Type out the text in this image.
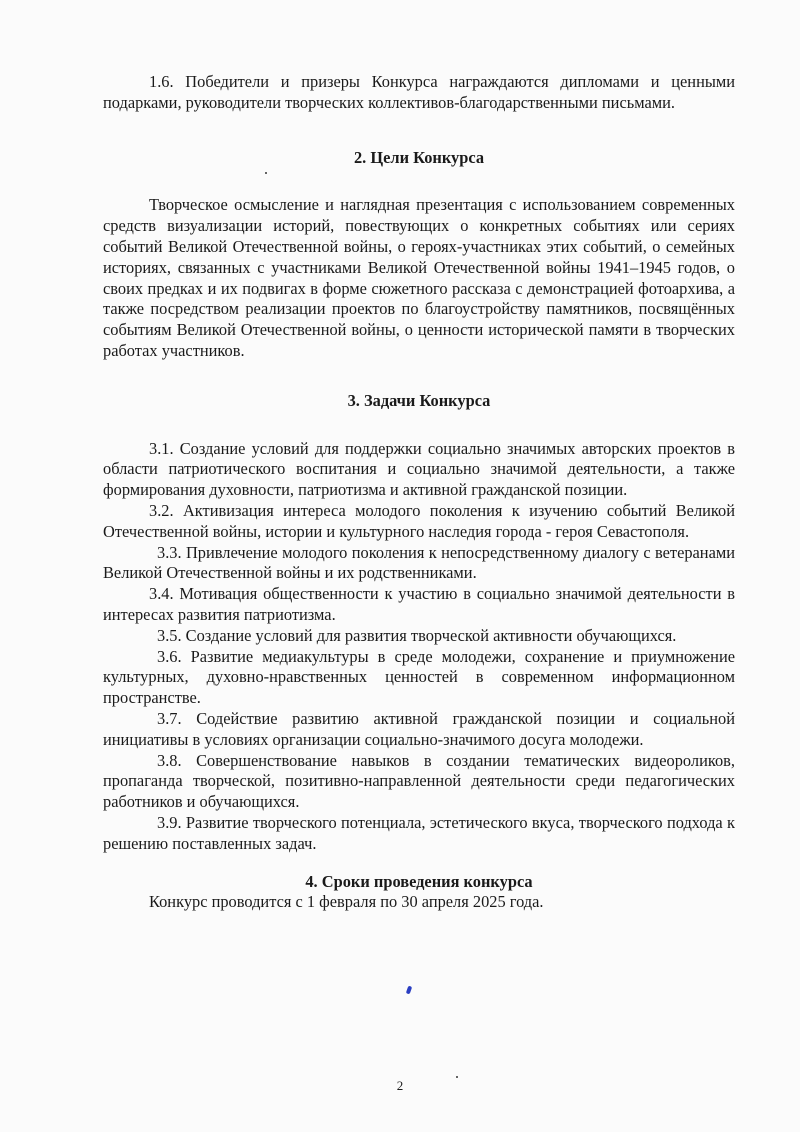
1.6. Победители и призеры Конкурса награждаются дипломами и ценными подарками, руководители творческих коллективов-благодарственными письмами.

2. Цели Конкурса

Творческое осмысление и наглядная презентация с использованием современных средств визуализации историй, повествующих о конкретных событиях или сериях событий Великой Отечественной войны, о героях-участниках этих событий, о семейных историях, связанных с участниками Великой Отечественной войны 1941–1945 годов, о своих предках и их подвигах в форме сюжетного рассказа с демонстрацией фотоархива, а также посредством реализации проектов по благоустройству памятников, посвящённых событиям Великой Отечественной войны, о ценности исторической памяти в творческих работах участников.

3. Задачи Конкурса

3.1. Создание условий для поддержки социально значимых авторских проектов в области патриотического воспитания и социально значимой деятельности, а также формирования духовности, патриотизма и активной гражданской позиции.

3.2. Активизация интереса молодого поколения к изучению событий Великой Отечественной войны, истории и культурного наследия города - героя Севастополя.

3.3. Привлечение молодого поколения к непосредственному диалогу с ветеранами Великой Отечественной войны и их родственниками.

3.4. Мотивация общественности к участию в социально значимой деятельности в интересах развития патриотизма.

3.5. Создание условий для развития творческой активности обучающихся.

3.6. Развитие медиакультуры в среде молодежи, сохранение и приумножение культурных, духовно-нравственных ценностей в современном информационном пространстве.

3.7. Содействие развитию активной гражданской позиции и социальной инициативы в условиях организации социально-значимого досуга молодежи.

3.8. Совершенствование навыков в создании тематических видеороликов, пропаганда творческой, позитивно-направленной деятельности среди педагогических работников и обучающихся.

3.9. Развитие творческого потенциала, эстетического вкуса, творческого подхода к решению поставленных задач.

4. Сроки проведения конкурса

Конкурс проводится с 1 февраля по 30 апреля 2025 года.

2
